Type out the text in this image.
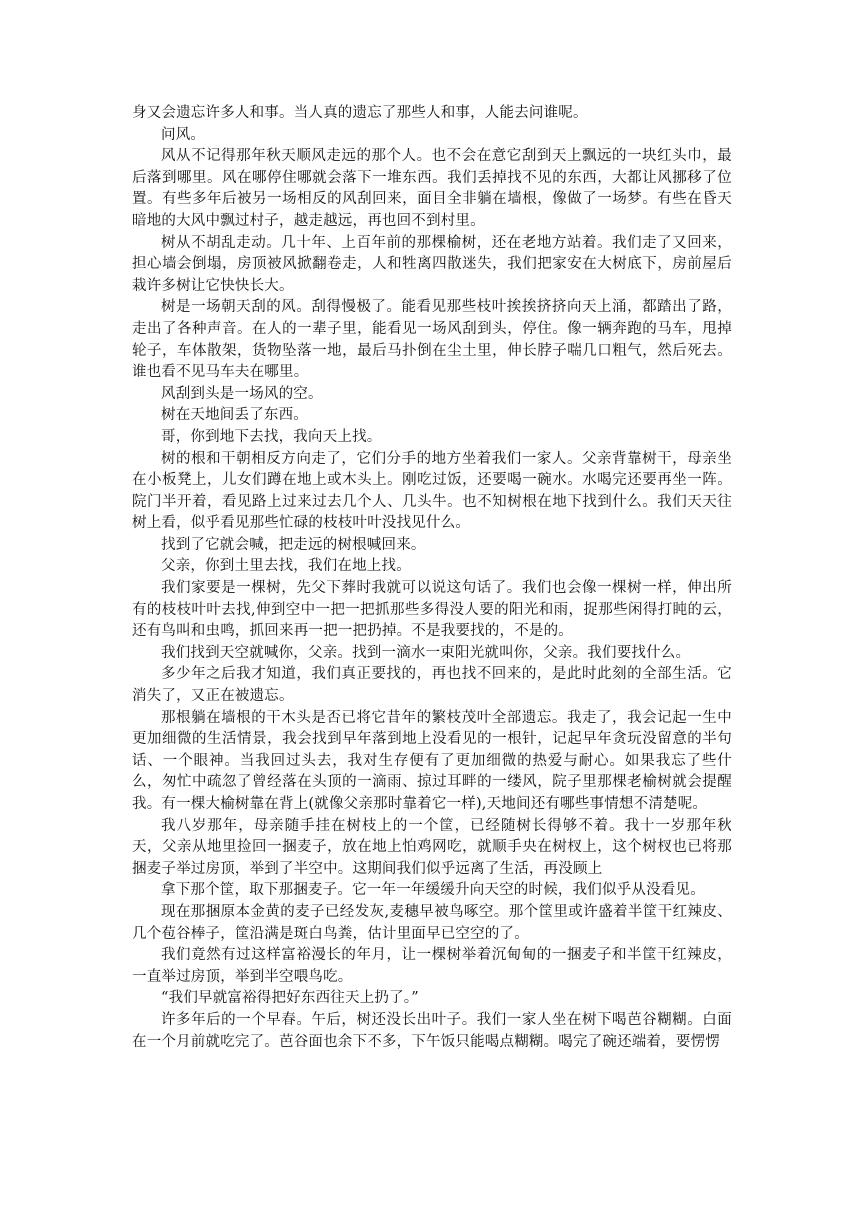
身又会遗忘许多人和事。当人真的遗忘了那些人和事，人能去问谁呢。

问风。

风从不记得那年秋天顺风走远的那个人。也不会在意它刮到天上飘远的一块红头巾，最后落到哪里。风在哪停住哪就会落下一堆东西。我们丢掉找不见的东西，大都让风挪移了位置。有些多年后被另一场相反的风刮回来，面目全非躺在墙根，像做了一场梦。有些在昏天暗地的大风中飘过村子，越走越远，再也回不到村里。

树从不胡乱走动。几十年、上百年前的那棵榆树，还在老地方站着。我们走了又回来，担心墙会倒塌，房顶被风掀翻卷走，人和牲离四散迷失，我们把家安在大树底下，房前屋后栽许多树让它快快长大。

树是一场朝天刮的风。刮得慢极了。能看见那些枝叶挨挨挤挤向天上涌，都踏出了路，走出了各种声音。在人的一辈子里，能看见一场风刮到头，停住。像一辆奔跑的马车，甩掉轮子，车体散架，货物坠落一地，最后马扑倒在尘土里，伸长脖子喘几口粗气，然后死去。谁也看不见马车夫在哪里。

风刮到头是一场风的空。

树在天地间丢了东西。

哥，你到地下去找，我向天上找。

树的根和干朝相反方向走了，它们分手的地方坐着我们一家人。父亲背靠树干，母亲坐在小板凳上，儿女们蹲在地上或木头上。刚吃过饭，还要喝一碗水。水喝完还要再坐一阵。院门半开着，看见路上过来过去几个人、几头牛。也不知树根在地下找到什么。我们天天往树上看，似乎看见那些忙碌的枝枝叶叶没找见什么。

找到了它就会喊，把走远的树根喊回来。

父亲，你到土里去找，我们在地上找。

我们家要是一棵树，先父下葬时我就可以说这句话了。我们也会像一棵树一样，伸出所有的枝枝叶叶去找,伸到空中一把一把抓那些多得没人要的阳光和雨，捉那些闲得打盹的云，还有鸟叫和虫鸣，抓回来再一把一把扔掉。不是我要找的，不是的。

我们找到天空就喊你，父亲。找到一滴水一束阳光就叫你，父亲。我们要找什么。

多少年之后我才知道，我们真正要找的，再也找不回来的，是此时此刻的全部生活。它消失了，又正在被遗忘。

那根躺在墙根的干木头是否已将它昔年的繁枝茂叶全部遗忘。我走了，我会记起一生中更加细微的生活情景，我会找到早年落到地上没看见的一根针，记起早年贪玩没留意的半句话、一个眼神。当我回过头去，我对生存便有了更加细微的热爱与耐心。如果我忘了些什么，匆忙中疏忽了曾经落在头顶的一滴雨、掠过耳畔的一缕风，院子里那棵老榆树就会提醒我。有一棵大榆树靠在背上(就像父亲那时靠着它一样),天地间还有哪些事情想不清楚呢。

我八岁那年，母亲随手挂在树枝上的一个筐，已经随树长得够不着。我十一岁那年秋天，父亲从地里捡回一捆麦子，放在地上怕鸡网吃，就顺手央在树杈上，这个树杈也已将那捆麦子举过房顶，举到了半空中。这期间我们似乎远离了生活，再没顾上

拿下那个筐，取下那捆麦子。它一年一年缓缓升向天空的时候，我们似乎从没看见。

现在那捆原本金黄的麦子已经发灰,麦穗早被鸟啄空。那个筐里或许盛着半筐干红辣皮、几个苞谷棒子，筐沿满是斑白鸟粪，估计里面早已空空的了。

我们竟然有过这样富裕漫长的年月，让一棵树举着沉甸甸的一捆麦子和半筐干红辣皮，一直举过房顶，举到半空喂鸟吃。

“我们早就富裕得把好东西往天上扔了。”

许多年后的一个早春。午后，树还没长出叶子。我们一家人坐在树下喝芭谷糊糊。白面在一个月前就吃完了。芭谷面也余下不多，下午饭只能喝点糊糊。喝完了碗还端着，要愣愣
